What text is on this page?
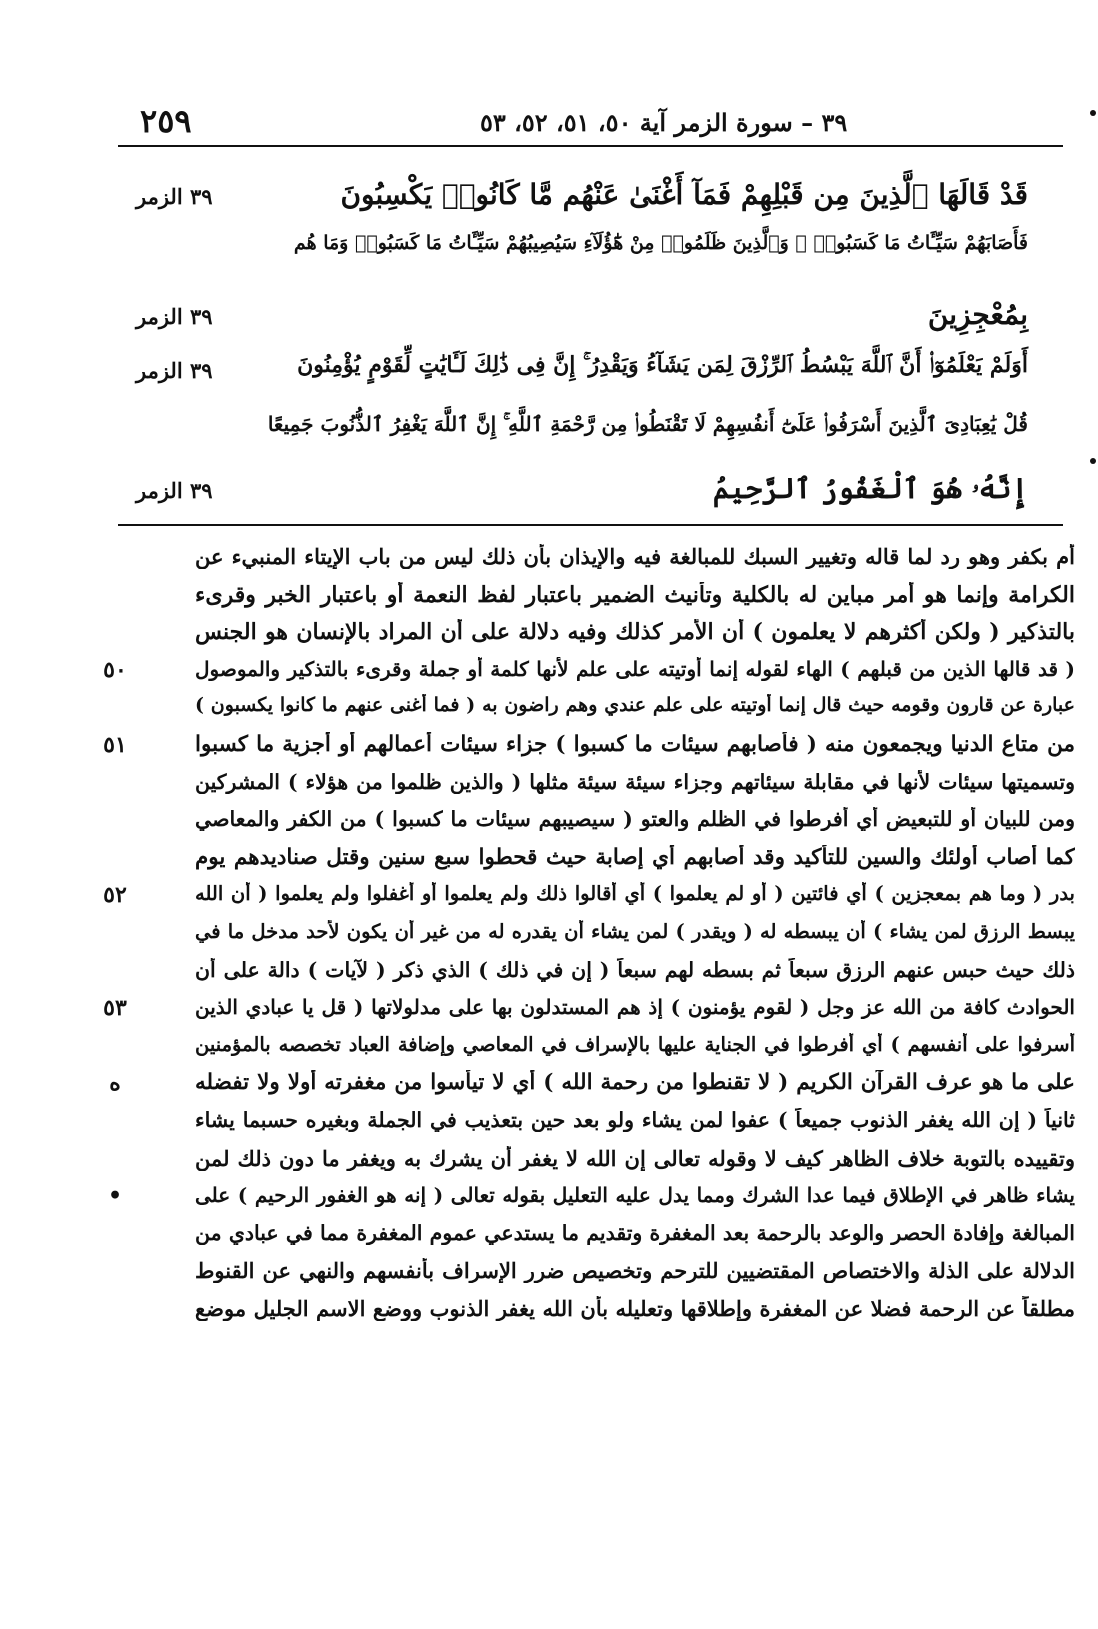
٢٥٩	٣٩ – سورة الزمر آية ٥٠، ٥١، ٥٢، ٥٣
قَدْ قَالَهَا ٱلَّذِينَ مِن قَبْلِهِمْ فَمَآ أَغْنَىٰ عَنْهُم مَّا كَانُوا۟ يَكْسِبُونَ
٣٩ الزمر
فَأَصَابَهُمْ سَيِّـَٔاتُ مَا كَسَبُوا۟ ۚ وَٱلَّذِينَ ظَلَمُوا۟ مِنْ هَٰٓؤُلَآءِ سَيُصِيبُهُمْ سَيِّـَٔاتُ مَا كَسَبُوا۟ وَمَا هُم
بِمُعْجِزِينَ
٣٩ الزمر
أَوَلَمْ يَعْلَمُوٓا۟ أَنَّ ٱللَّهَ يَبْسُطُ ٱلرِّزْقَ لِمَن يَشَآءُ وَيَقْدِرُ ۚ إِنَّ فِى ذَٰلِكَ لَـَٔايَٰتٍ لِّقَوْمٍ يُؤْمِنُونَ
٣٩ الزمر
قُلْ يَٰعِبَادِىَ ٱلَّذِينَ أَسْرَفُوا۟ عَلَىٰٓ أَنفُسِهِمْ لَا تَقْنَطُوا۟ مِن رَّحْمَةِ ٱللَّهِ ۚ إِنَّ ٱللَّهَ يَغْفِرُ ٱلذُّنُوبَ جَمِيعًا
إِنَّهُۥ هُوَ ٱلْغَفُورُ ٱلرَّحِيمُ
٣٩ الزمر
أم بكفر وهو رد لما قاله وتغيير السبك للمبالغة فيه والإيذان بأن ذلك ليس من باب الإيتاء المنبيء عن
الكرامة وإنما هو أمر مباين له بالكلية وتأنيث الضمير باعتبار لفظ النعمة أو باعتبار الخبر وقرىء
بالتذكير ( ولكن أكثرهم لا يعلمون ) أن الأمر كذلك وفيه دلالة على أن المراد بالإنسان هو الجنس
( قد قالها الذين من قبلهم ) الهاء لقوله إنما أوتيته على علم لأنها كلمة أو جملة وقرىء بالتذكير والموصول
٥٠
عبارة عن قارون وقومه حيث قال إنما أوتيته على علم عندي وهم راضون به ( فما أغنى عنهم ما كانوا يكسبون )
من متاع الدنيا ويجمعون منه ( فأصابهم سيئات ما كسبوا ) جزاء سيئات أعمالهم أو أجزية ما كسبوا
٥١
وتسميتها سيئات لأنها في مقابلة سيئاتهم وجزاء سيئة سيئة مثلها ( والذين ظلموا من هؤلاء ) المشركين
ومن للبيان أو للتبعيض أي أفرطوا في الظلم والعتو ( سيصيبهم سيئات ما كسبوا ) من الكفر والمعاصي
كما أصاب أولئك والسين للتأكيد وقد أصابهم أي إصابة حيث قحطوا سبع سنين وقتل صناديدهم يوم
بدر ( وما هم بمعجزين ) أي فائتين ( أو لم يعلموا ) أي أقالوا ذلك ولم يعلموا أو أغفلوا ولم يعلموا ( أن الله
٥٢
يبسط الرزق لمن يشاء ) أن يبسطه له ( ويقدر ) لمن يشاء أن يقدره له من غير أن يكون لأحد مدخل ما في
ذلك حيث حبس عنهم الرزق سبعاً ثم بسطه لهم سبعاً ( إن في ذلك ) الذي ذكر ( لآيات ) دالة على أن
الحوادث كافة من الله عز وجل ( لقوم يؤمنون ) إذ هم المستدلون بها على مدلولاتها ( قل يا عبادي الذين
٥٣
أسرفوا على أنفسهم ) أي أفرطوا في الجناية عليها بالإسراف في المعاصي وإضافة العباد تخصصه بالمؤمنين
على ما هو عرف القرآن الكريم ( لا تقنطوا من رحمة الله ) أي لا تيأسوا من مغفرته أولا ولا تفضله
ه
ثانياً ( إن الله يغفر الذنوب جميعاً ) عفوا لمن يشاء ولو بعد حين بتعذيب في الجملة وبغيره حسبما يشاء
وتقييده بالتوبة خلاف الظاهر كيف لا وقوله تعالى إن الله لا يغفر أن يشرك به ويغفر ما دون ذلك لمن
يشاء ظاهر في الإطلاق فيما عدا الشرك ومما يدل عليه التعليل بقوله تعالى ( إنه هو الغفور الرحيم ) على
•
المبالغة وإفادة الحصر والوعد بالرحمة بعد المغفرة وتقديم ما يستدعي عموم المغفرة مما في عبادي من
الدلالة على الذلة والاختصاص المقتضيين للترحم وتخصيص ضرر الإسراف بأنفسهم والنهي عن القنوط
مطلقاً عن الرحمة فضلا عن المغفرة وإطلاقها وتعليله بأن الله يغفر الذنوب ووضع الاسم الجليل موضع
